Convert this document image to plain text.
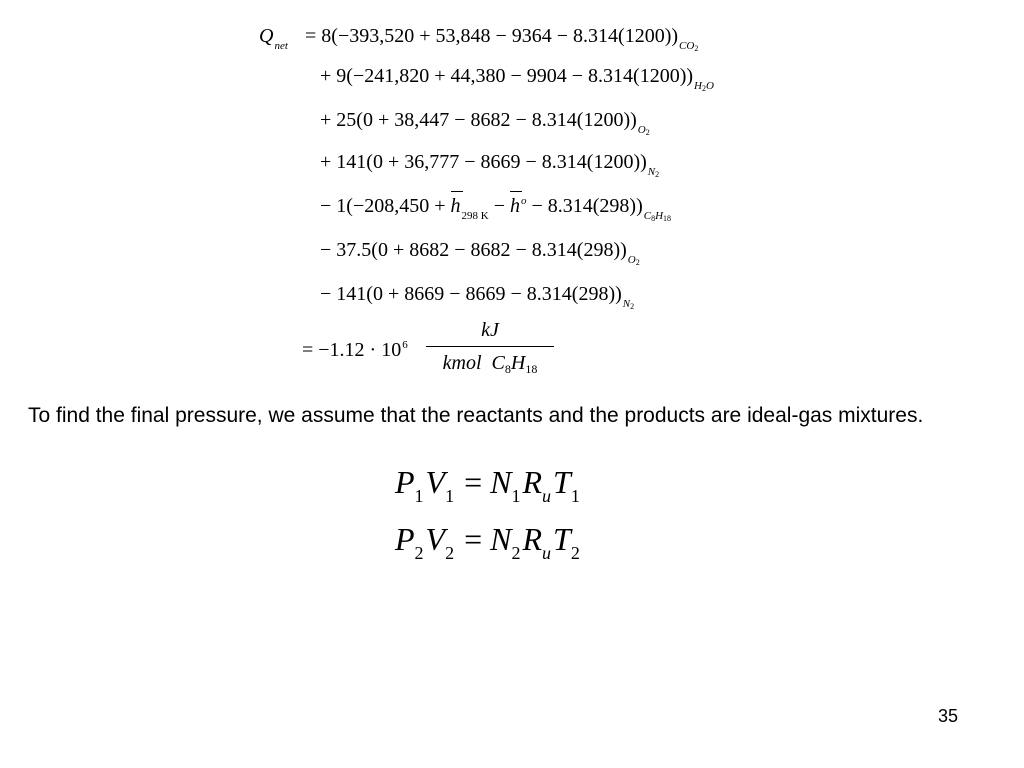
$Q_{net} = 8(-393,520 + 53,848 - 9364 - 8.314(1200))_{CO2}$
+ $9(-241,820 + 44,380 - 9904 - 8.314(1200))_{H2O}$
+ $25(0 + 38,447 - 8682 - 8.314(1200))_{O2}$
+ $141(0 + 36,777 - 8669 - 8.314(1200))_{N2}$
− $1(-208,450 + h_{298 K} - h^o - 8.314(298))_{C8H18}$
− $37.5(0 + 8682 - 8682 - 8.314(298))_{O2}$
− $141(0 + 8669 - 8669 - 8.314(298))_{N2}$
= $-1.12 \cdot 10^6$
kJ
kmol  $C_8H_{18}$

To find the final pressure, we assume that the reactants and the products are ideal-gas mixtures.

$P_1V_1 = N_1R_uT_1$
$P_2V_2 = N_2R_uT_2$
35
